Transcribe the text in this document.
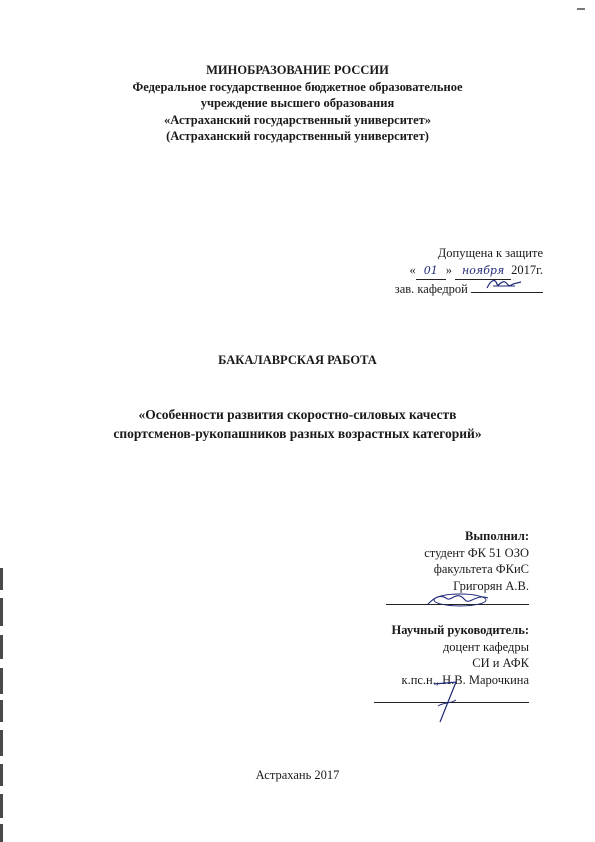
МИНОБРАЗОВАНИЕ РОССИИ
Федеральное государственное бюджетное образовательное
учреждение высшего образования
«Астраханский государственный университет»
(Астраханский государственный университет)
Допущена к защите
« 01 » ноября 2017г.
зав. кафедрой
БАКАЛАВРСКАЯ РАБОТА
«Особенности развития скоростно-силовых качеств
спортсменов-рукопашников разных возрастных категорий»
Выполнил:
студент ФК 51 ОЗО
факультета ФКиС
Григорян А.В.
Научный руководитель:
доцент кафедры
СИ и АФК
к.пс.н., Н.В. Марочкина
Астрахань 2017
